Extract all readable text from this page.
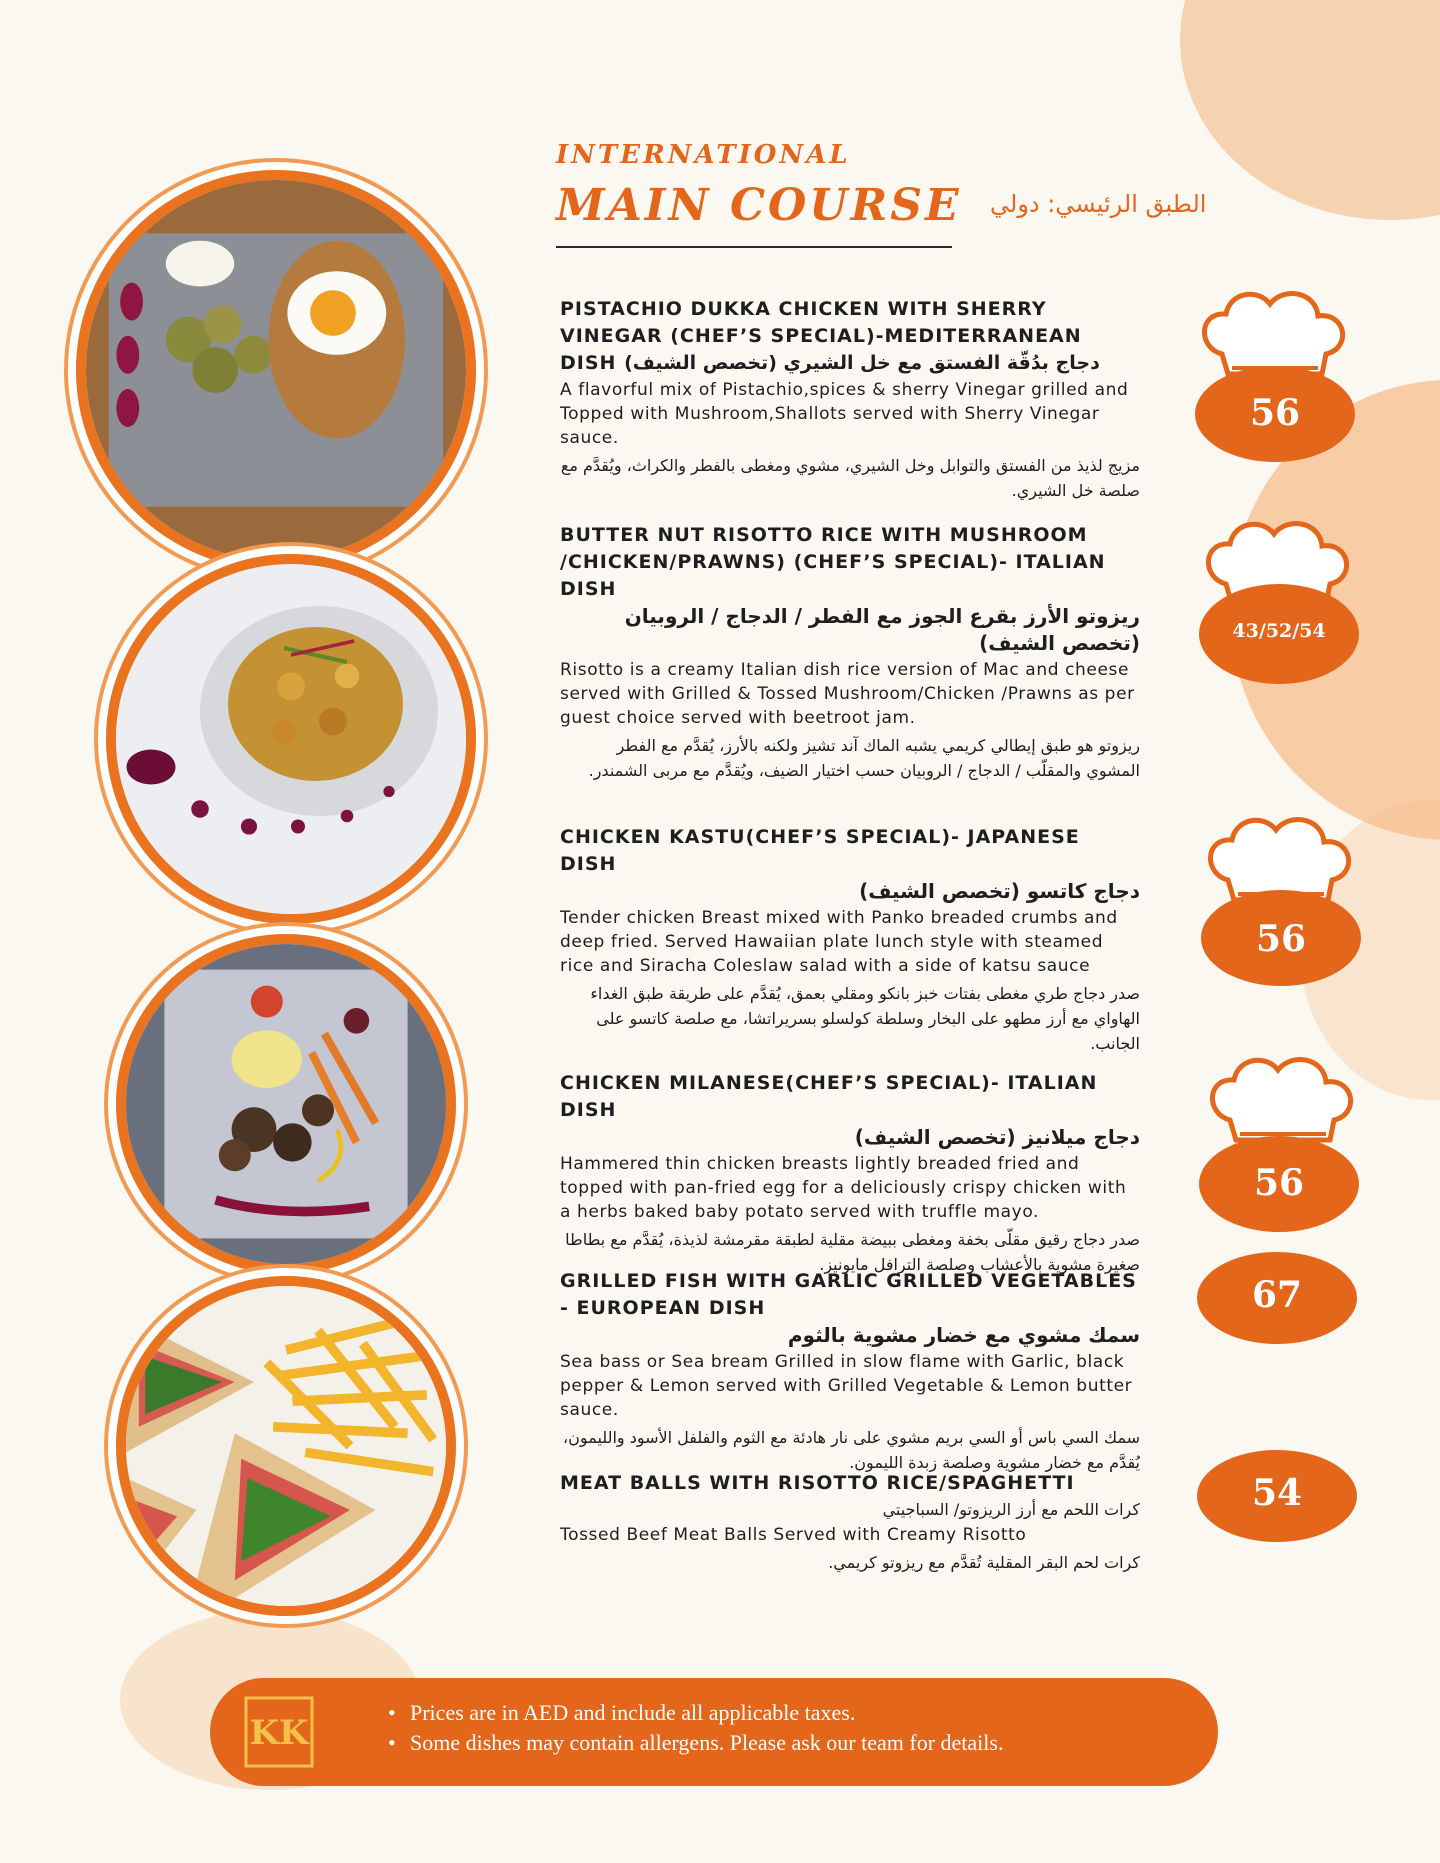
INTERNATIONAL
MAIN COURSE الطبق الرئيسي: دولي
PISTACHIO DUKKA CHICKEN WITH SHERRY VINEGAR (CHEF’S SPECIAL)-MEDITERRANEAN DISH دجاج بدُقّة الفستق مع خل الشيري (تخصص الشيف)
A flavorful mix of Pistachio,spices & sherry Vinegar grilled and Topped with Mushroom,Shallots served with Sherry Vinegar sauce.
مزيج لذيذ من الفستق والتوابل وخل الشيري، مشوي ومغطى بالفطر والكراث، ويُقدَّم مع صلصة خل الشيري.
BUTTER NUT RISOTTO RICE WITH MUSHROOM /CHICKEN/PRAWNS) (CHEF’S SPECIAL)- ITALIAN DISH
ريزوتو الأرز بقرع الجوز مع الفطر / الدجاج / الروبيان (تخصص الشيف)
Risotto is a creamy Italian dish rice version of Mac and cheese served with Grilled & Tossed Mushroom/Chicken /Prawns as per guest choice served with beetroot jam.
ريزوتو هو طبق إيطالي كريمي يشبه الماك آند تشيز ولكنه بالأرز، يُقدَّم مع الفطر المشوي والمقلّب / الدجاج / الروبيان حسب اختيار الضيف، ويُقدَّم مع مربى الشمندر.
CHICKEN KASTU(CHEF’S SPECIAL)- JAPANESE DISH
دجاج كاتسو (تخصص الشيف)
Tender chicken Breast mixed with Panko breaded crumbs and deep fried. Served Hawaiian plate lunch style with steamed rice and Siracha Coleslaw salad with a side of katsu sauce
صدر دجاج طري مغطى بفتات خبز بانكو ومقلي بعمق، يُقدَّم على طريقة طبق الغداء الهاواي مع أرز مطهو على البخار وسلطة كولسلو بسريراتشا، مع صلصة كاتسو على الجانب.
CHICKEN MILANESE(CHEF’S SPECIAL)- ITALIAN DISH
دجاج ميلانيز (تخصص الشيف)
Hammered thin chicken breasts lightly breaded fried and topped with pan-fried egg for a deliciously crispy chicken with a herbs baked baby potato served with truffle mayo.
صدر دجاج رقيق مقلّى بخفة ومغطى ببيضة مقلية لطبقة مقرمشة لذيذة، يُقدَّم مع بطاطا صغيرة مشوية بالأعشاب وصلصة الترافل مايونيز.
GRILLED FISH WITH GARLIC GRILLED VEGETABLES - EUROPEAN DISH
سمك مشوي مع خضار مشوية بالثوم
Sea bass or Sea bream Grilled in slow flame with Garlic, black pepper & Lemon served with Grilled Vegetable & Lemon butter sauce.
سمك السي باس أو السي بريم مشوي على نار هادئة مع الثوم والفلفل الأسود والليمون، يُقدَّم مع خضار مشوية وصلصة زبدة الليمون.
MEAT BALLS WITH RISOTTO RICE/SPAGHETTI
كرات اللحم مع أرز الريزوتو/ السباجيتي
Tossed Beef Meat Balls Served with Creamy Risotto
كرات لحم البقر المقلية تُقدَّم مع ريزوتو كريمي.
56
43/52/54
56
56
67
54
KK
• Prices are in AED and include all applicable taxes.
• Some dishes may contain allergens. Please ask our team for details.
